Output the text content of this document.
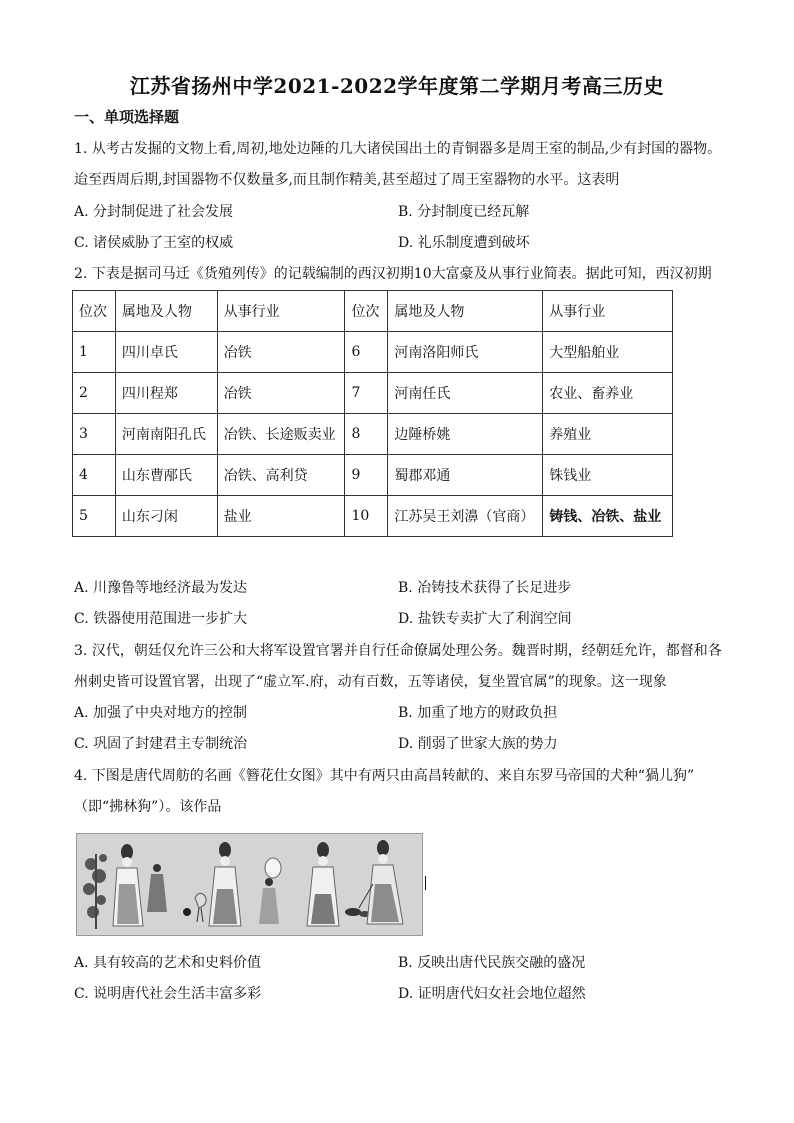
江苏省扬州中学2021-2022学年度第二学期月考高三历史
一、单项选择题
1. 从考古发掘的文物上看,周初,地处边陲的几大诸侯国出土的青铜器多是周王室的制品,少有封国的器物。
迨至西周后期,封国器物不仅数量多,而且制作精美,甚至超过了周王室器物的水平。这表明
A. 分封制促进了社会发展	B. 分封制度已经瓦解
C. 诸侯威胁了王室的权威	D. 礼乐制度遭到破坏
2. 下表是据司马迁《货殖列传》的记载编制的西汉初期10大富豪及从事行业简表。据此可知，西汉初期
位次	属地及人物	从事行业	位次	属地及人物	从事行业
1	四川卓氏	冶铁	6	河南洛阳师氏	大型船舶业
2	四川程郑	冶铁	7	河南任氏	农业、畜养业
3	河南南阳孔氏	冶铁、长途贩卖业	8	边陲桥姚	养殖业
4	山东曹邴氏	冶铁、高利贷	9	蜀郡邓通	铢钱业
5	山东刁闲	盐业	10	江苏吴王刘濞（官商）	铸钱、冶铁、盐业
A. 川豫鲁等地经济最为发达	B. 冶铸技术获得了长足进步
C. 铁器使用范围进一步扩大	D. 盐铁专卖扩大了利润空间
3. 汉代，朝廷仅允许三公和大将军设置官署并自行任命僚属处理公务。魏晋时期，经朝廷允许，都督和各
州刺史皆可设置官署，出现了“虚立军.府，动有百数，五等诸侯，复坐置官属”的现象。这一现象
A. 加强了中央对地方的控制	B. 加重了地方的财政负担
C. 巩固了封建君主专制统治	D. 削弱了世家大族的势力
4. 下图是唐代周舫的名画《簪花仕女图》其中有两只由高昌转献的、来自东罗马帝国的犬种“猧儿狗”
（即“拂林狗”）。该作品
A. 具有较高的艺术和史料价值	B. 反映出唐代民族交融的盛况
C. 说明唐代社会生活丰富多彩	D. 证明唐代妇女社会地位超然
